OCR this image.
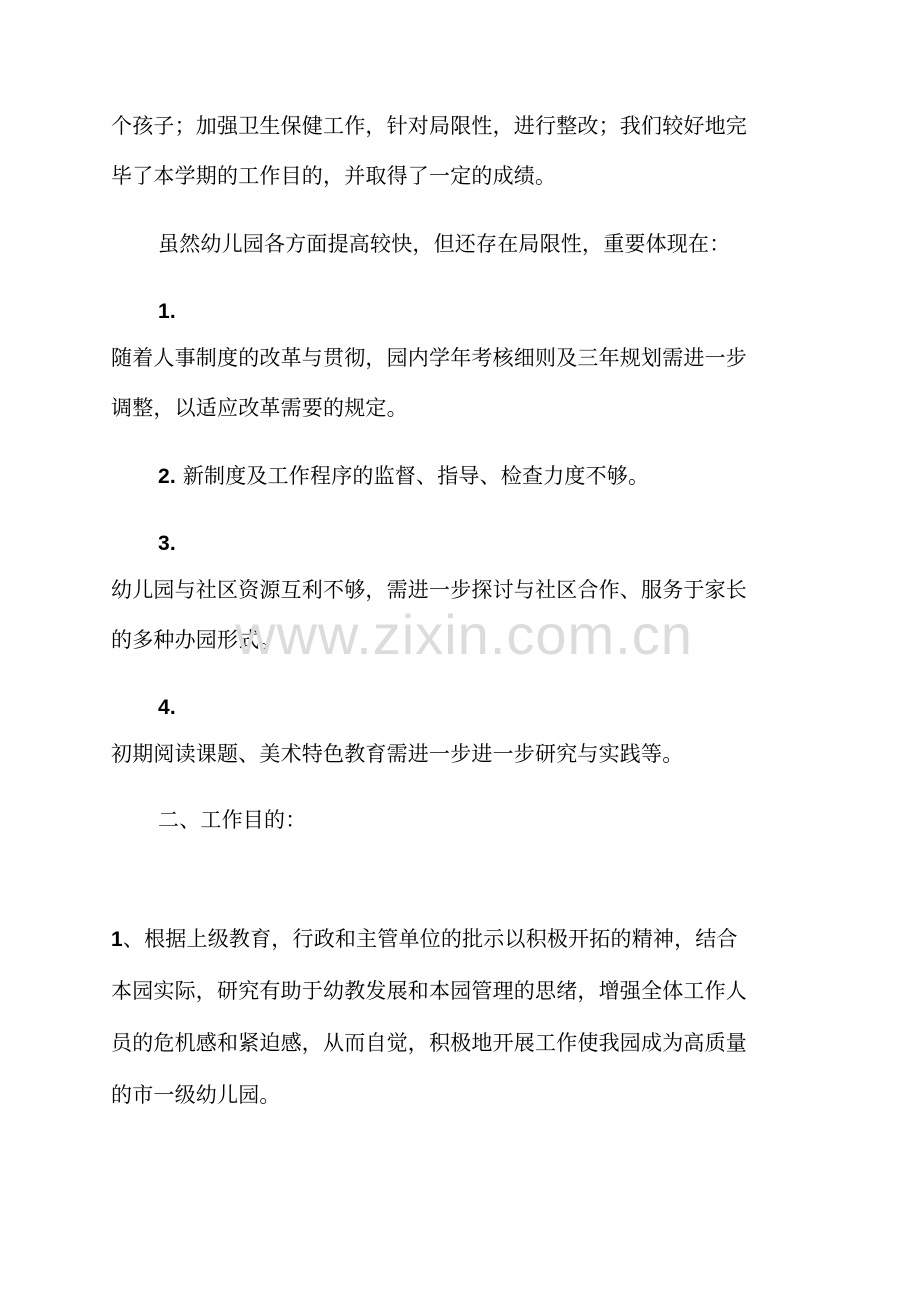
个孩子；加强卫生保健工作，针对局限性，进行整改；我们较好地完
毕了本学期的工作目的，并取得了一定的成绩。
虽然幼儿园各方面提高较快，但还存在局限性，重要体现在：
1.
随着人事制度的改革与贯彻，园内学年考核细则及三年规划需进一步
调整，以适应改革需要的规定。
2. 新制度及工作程序的监督、指导、检查力度不够。
3.
幼儿园与社区资源互利不够，需进一步探讨与社区合作、服务于家长
的多种办园形式。
4.
初期阅读课题、美术特色教育需进一步进一步研究与实践等。
二、工作目的：
1、根据上级教育，行政和主管单位的批示以积极开拓的精神，结合
本园实际，研究有助于幼教发展和本园管理的思绪，增强全体工作人
员的危机感和紧迫感，从而自觉，积极地开展工作使我园成为高质量
的市一级幼儿园。
www.zixin.com.cn
